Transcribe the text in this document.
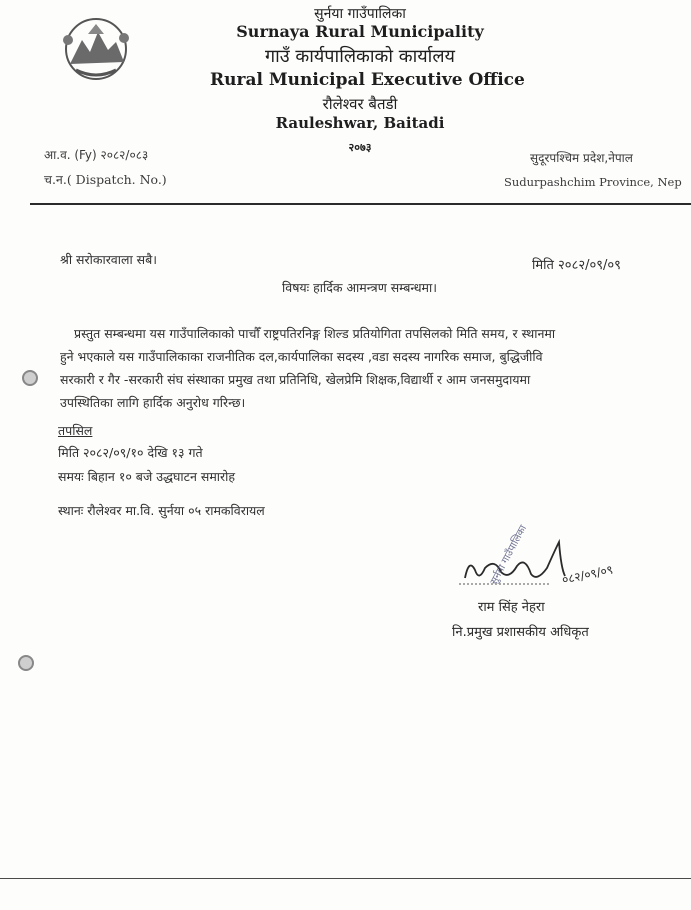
सुर्नया गाउँपालिका
Surnaya Rural Municipality
गाउँ कार्यपालिकाको कार्यालय
Rural Municipal Executive Office
रौलेश्वर बैतडी
Rauleshwar, Baitadi
२०७३
आ.व. (Fy) २०८२/०८३
च.न.( Dispatch. No.)
सुदूरपश्चिम प्रदेश,नेपाल
Sudurpashchim Province, Nep
श्री सरोकारवाला सबै।	मिति २०८२/०९/०९
विषयः हार्दिक आमन्त्रण सम्बन्धमा।
प्रस्तुत सम्बन्धमा यस गाउँपालिकाको पाचौँ राष्ट्रपतिरनिङ्ग शिल्ड प्रतियोगिता तपसिलको मिति समय, र स्थानमा
हुने भएकाले यस गाउँपालिकाका राजनीतिक दल,कार्यपालिका सदस्य ,वडा सदस्य नागरिक समाज, बुद्धिजीवि
सरकारी र गैर -सरकारी संघ संस्थाका प्रमुख तथा प्रतिनिधि, खेलप्रेमि शिक्षक,विद्यार्थी र आम जनसमुदायमा
उपस्थितिका लागि हार्दिक अनुरोध गरिन्छ।
तपसिल
मिति २०८२/०९/१० देखि १३ गते
समयः बिहान १० बजे उद्धघाटन समारोह
स्थानः रौलेश्वर मा.वि. सुर्नया ०५ रामकविरायल
०८२/०९/०९
सुर्नया गाउँपालिका
राम सिंह नेहरा
नि.प्रमुख प्रशासकीय अधिकृत
